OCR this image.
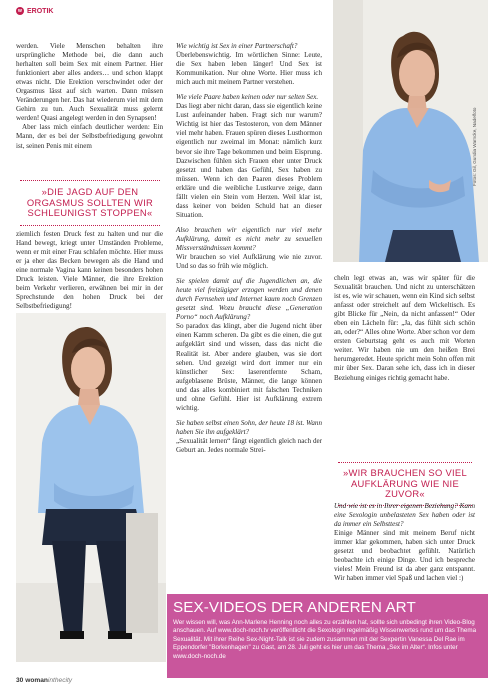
w EROTIK

werden. Viele Menschen behalten ihre ursprüngliche Methode bei, die dann auch herhalten soll beim Sex mit einem Partner. Hier funktioniert aber alles anders… und schon klappt etwas nicht. Die Erektion verschwindet oder der Orgasmus lässt auf sich warten. Dann müssen Veränderungen her. Das hat wiederum viel mit dem Gehirn zu tun. Auch Sexualität muss gelernt werden! Quasi angelegt werden in den Synapsen!

Aber lass mich einfach deutlicher werden: Ein Mann, der es bei der Selbstbefriedigung gewohnt ist, seinen Penis mit einem

»DIE JAGD AUF DEN ORGASMUS SOLLTEN WIR SCHLEUNIGST STOPPEN«

ziemlich festen Druck fest zu halten und nur die Hand bewegt, kriegt unter Umständen Probleme, wenn er mit einer Frau schlafen möchte. Hier muss er ja eher das Becken bewegen als die Hand und eine normale Vagina kann keinen besonders hohen Druck leisten. Viele Männer, die ihre Erektion beim Verkehr verlieren, erwähnen bei mir in der Sprechstunde den hohen Druck bei der Selbstbefriedigung!

Wie wichtig ist Sex in einer Partnerschaft?

Überlebenswichtig. Im wörtlichen Sinne: Leute, die Sex haben leben länger! Und Sex ist Kommunikation. Nur ohne Worte. Hier muss ich mich auch mit meinem Partner verstehen.

Wie viele Paare haben keinen oder nur selten Sex.

Das liegt aber nicht daran, dass sie eigentlich keine Lust aufeinander haben. Fragt sich nur warum? Wichtig ist hier das Testosteron, von dem Männer viel mehr haben. Frauen spüren dieses Lusthormon eigentlich nur zweimal im Monat: nämlich kurz bevor sie ihre Tage bekommen und beim Eisprung. Dazwischen fühlen sich Frauen eher unter Druck gesetzt und haben das Gefühl, Sex haben zu müssen. Wenn ich den Paaren dieses Problem erkläre und die weibliche Lustkurve zeige, dann fällt vielen ein Stein vom Herzen. Weil klar ist, dass keiner von beiden Schuld hat an dieser Situation.

Also brauchen wir eigentlich nur viel mehr Aufklärung, damit es nicht mehr zu sexuellen Missverständnissen kommt?

Wir brauchen so viel Aufklärung wie nie zuvor. Und so das so früh wie möglich.

Sie spielen damit auf die Jugendlichen an, die heute viel freizügiger erzogen werden und denen durch Fernsehen und Internet kaum noch Grenzen gesetzt sind. Wozu braucht diese „Generation Porno“ noch Aufklärung?

So paradox das klingt, aber die Jugend nicht über einen Kamm scheren. Da gibt es die einen, die gut aufgeklärt sind und wissen, dass das nicht die Realität ist. Aber andere glauben, was sie dort sehen. Und gezeigt wird dort immer nur ein künstlicher Sex: laserentfernte Scham, aufgeblasene Brüste, Männer, die lange können und das alles kombiniert mit falschen Techniken und ohne Gefühl. Hier ist Aufklärung extrem wichtig.

Sie haben selbst einen Sohn, der heute 18 ist. Wann haben Sie ihn aufgeklärt?

„Sexualität lernen“ fängt eigentlich gleich nach der Geburt an. Jedes normale Strei-

Fotos: Gil, Gundia Warncke, Nadelfoto

cheln legt etwas an, was wir später für die Sexualität brauchen. Und nicht zu unterschätzen ist es, wie wir schauen, wenn ein Kind sich selbst anfasst oder streichelt auf dem Wickeltisch. Es gibt Blicke für „Nein, da nicht anfassen!“ Oder eben ein Lächeln für: „Ja, das fühlt sich schön an, oder?“ Alles ohne Worte. Aber schon vor dem ersten Geburtstag geht es auch mit Worten weiter. Wir haben nie um den heißen Brei herumgeredet. Heute spricht mein Sohn offen mit mir über Sex. Daran sehe ich, dass ich in dieser Beziehung einiges richtig gemacht habe.

»WIR BRAUCHEN SO VIEL AUFKLÄRUNG WIE NIE ZUVOR«

Und wie ist es in Ihrer eigenen Beziehung? Kann eine Sexologin unbelasteten Sex haben oder ist da immer ein Selbsttest?

Einige Männer sind mit meinem Beruf nicht immer klar gekommen, haben sich unter Druck gesetzt und beobachtet gefühlt. Natürlich beobachte ich einige Dinge. Und ich bespreche vieles! Mein Freund ist da aber ganz entspannt. Wir haben immer viel Spaß und lachen viel :)

SEX-VIDEOS DER ANDEREN ART
Wer wissen will, was Ann-Marlene Henning noch alles zu erzählen hat, sollte sich unbedingt ihren Video-Blog anschauen. Auf www.doch-noch.tv veröffentlicht die Sexologin regelmäßig Wissenwertes rund um das Thema Sexualität. Mit ihrer Reihe Sex-Night-Talk ist sie zudem zusammen mit der Sexpertin Vanessa Del Rae im Eppendorfer "Borkenhagen" zu Gast, am 28. Juli geht es hier um das Thema „Sex im Alter“. Infos unter www.doch-noch.de
30 womaninthecity
